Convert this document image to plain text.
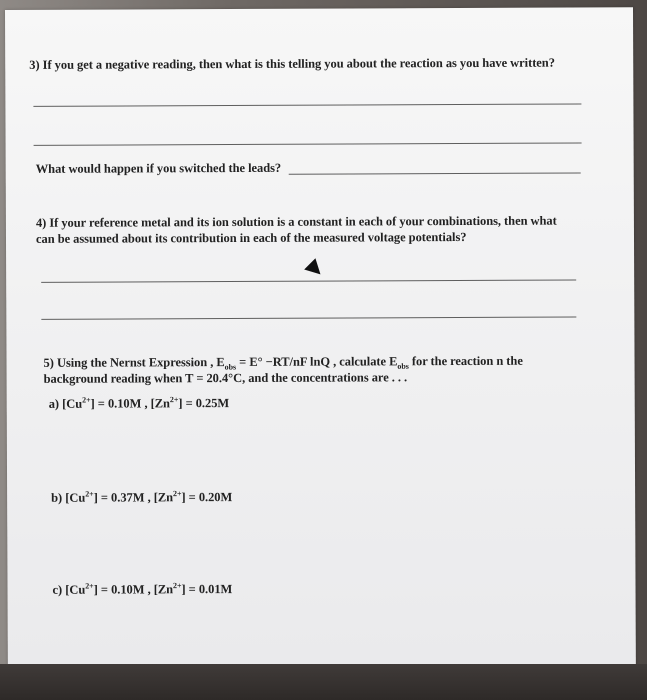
3) If you get a negative reading, then what is this telling you about the reaction as you have written?
What would happen if you switched the leads?
4) If your reference metal and its ion solution is a constant in each of your combinations, then what
can be assumed about its contribution in each of the measured voltage potentials?
5) Using the Nernst Expression , $E_{obs} = E^\circ -RT/nF$ lnQ , calculate $E_{obs}$ for the reaction n the
background reading when T = 20.4°C, and the concentrations are . . .
a) $[Cu^{2+}] = 0.10M$ , $[Zn^{2+}] = 0.25M$
b) $[Cu^{2+}] = 0.37M$ , $[Zn^{2+}] = 0.20M$
c) $[Cu^{2+}] = 0.10M$ , $[Zn^{2+}] = 0.01M$
